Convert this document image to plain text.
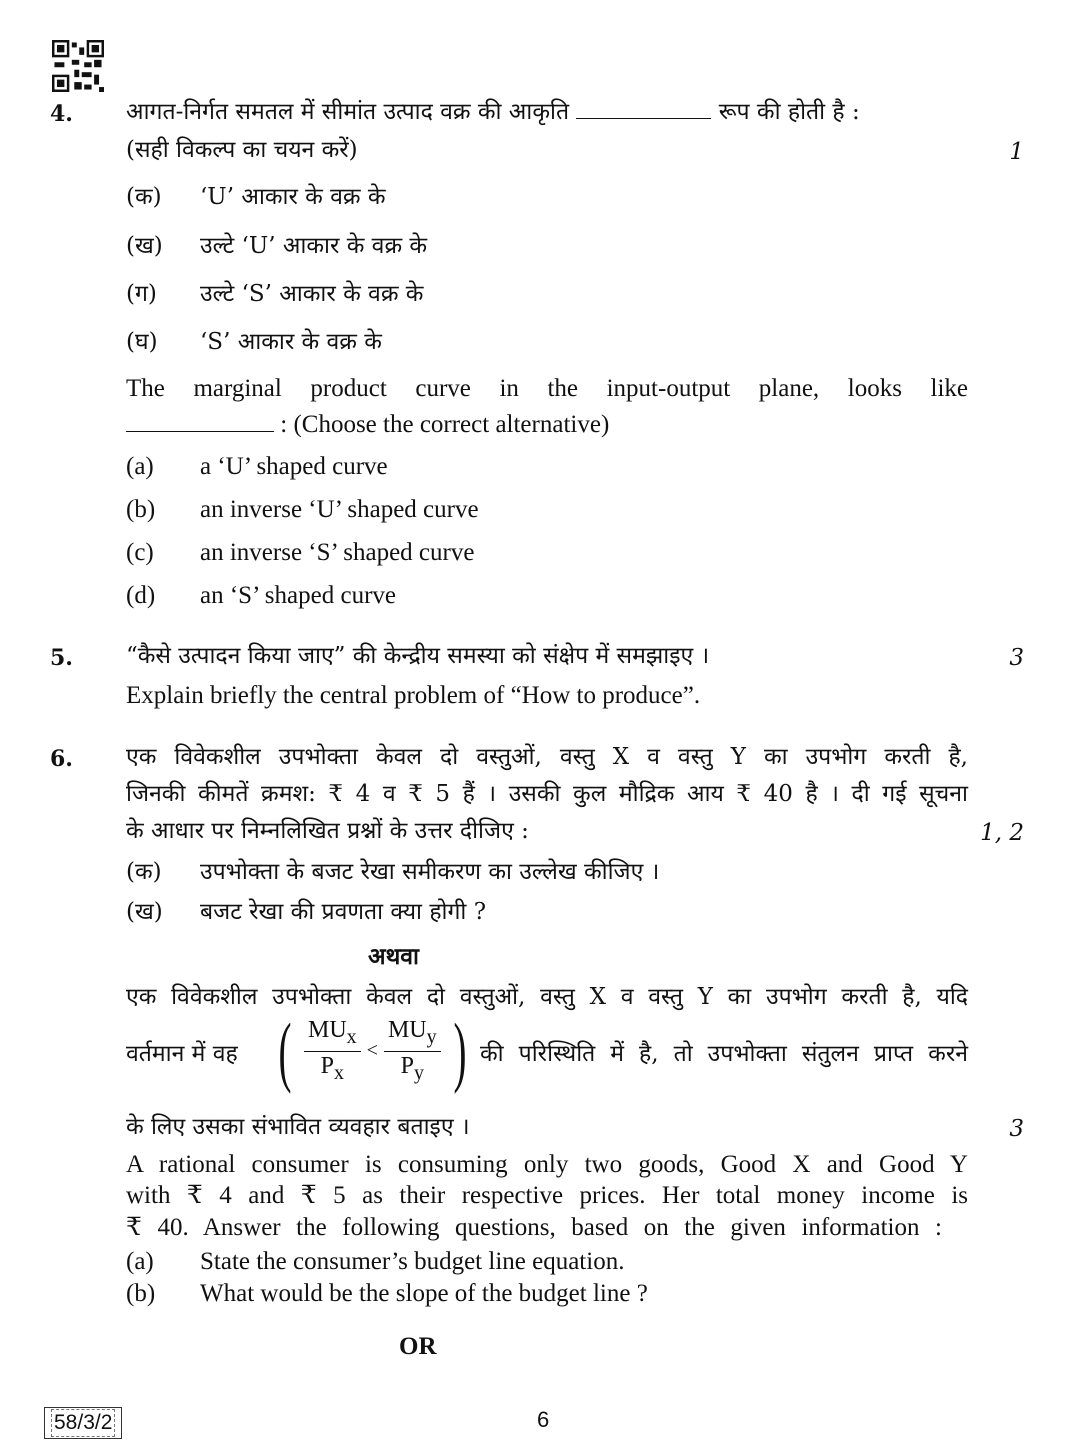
4. आगत-निर्गत समतल में सीमांत उत्पाद वक्र की आकृति	रूप की होती है :
(सही विकल्प का चयन करें)	1
(क) ‘U’ आकार के वक्र के
(ख) उल्टे ‘U’ आकार के वक्र के
(ग) उल्टे ‘S’ आकार के वक्र के
(घ) ‘S’ आकार के वक्र के
The marginal product curve in the input-output plane, looks like
: (Choose the correct alternative)
(a) a ‘U’ shaped curve
(b) an inverse ‘U’ shaped curve
(c) an inverse ‘S’ shaped curve
(d) an ‘S’ shaped curve
5. “कैसे उत्पादन किया जाए” की केन्द्रीय समस्या को संक्षेप में समझाइए ।	3
Explain briefly the central problem of “How to produce”.
6. एक विवेकशील उपभोक्ता केवल दो वस्तुओं, वस्तु X व वस्तु Y का उपभोग करती है,
जिनकी कीमतें क्रमश: ₹ 4 व ₹ 5 हैं । उसकी कुल मौद्रिक आय ₹ 40 है । दी गई सूचना
के आधार पर निम्नलिखित प्रश्नों के उत्तर दीजिए :	1, 2
(क) उपभोक्ता के बजट रेखा समीकरण का उल्लेख कीजिए ।
(ख) बजट रेखा की प्रवणता क्या होगी ?
अथवा
एक विवेकशील उपभोक्ता केवल दो वस्तुओं, वस्तु X व वस्तु Y का उपभोग करती है, यदि
वर्तमान में वह ( $\frac{MU_x}{P_x} < \frac{MU_y}{P_y}$ ) की परिस्थिति में है, तो उपभोक्ता संतुलन प्राप्त करने
के लिए उसका संभावित व्यवहार बताइए ।	3
A rational consumer is consuming only two goods, Good X and Good Y
with ₹ 4 and ₹ 5 as their respective prices. Her total money income is
₹ 40. Answer the following questions, based on the given information :
(a) State the consumer’s budget line equation.
(b) What would be the slope of the budget line ?
OR
58/3/2	6
